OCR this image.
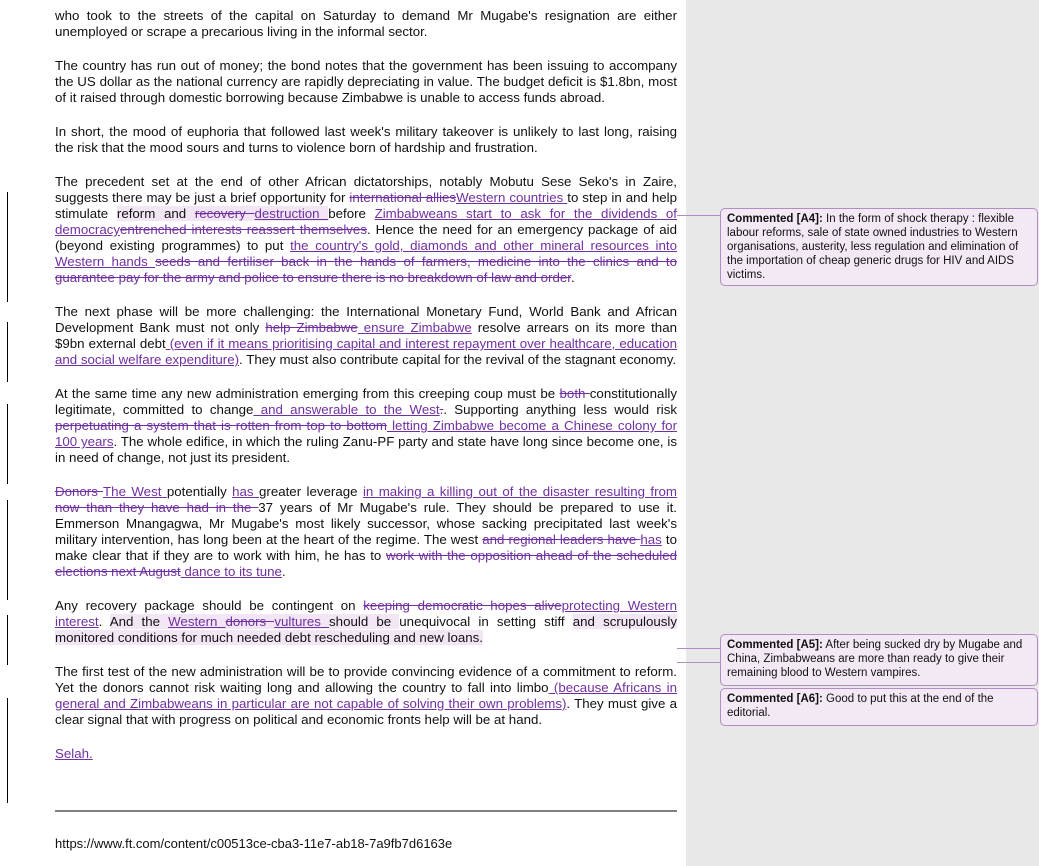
who took to the streets of the capital on Saturday to demand Mr Mugabe's resignation are either unemployed or scrape a precarious living in the informal sector.

The country has run out of money; the bond notes that the government has been issuing to accompany the US dollar as the national currency are rapidly depreciating in value. The budget deficit is $1.8bn, most of it raised through domestic borrowing because Zimbabwe is unable to access funds abroad.

In short, the mood of euphoria that followed last week's military takeover is unlikely to last long, raising the risk that the mood sours and turns to violence born of hardship and frustration.

The precedent set at the end of other African dictatorships, notably Mobutu Sese Seko's in Zaire, suggests there may be just a brief opportunity for international alliesWestern countries to step in and help stimulate reform and recovery destruction before Zimbabweans start to ask for the dividends of democracyentrenched interests reassert themselves. Hence the need for an emergency package of aid (beyond existing programmes) to put the country's gold, diamonds and other mineral resources into Western hands seeds and fertiliser back in the hands of farmers, medicine into the clinics and to guarantee pay for the army and police to ensure there is no breakdown of law and order.

The next phase will be more challenging: the International Monetary Fund, World Bank and African Development Bank must not only help Zimbabwe ensure Zimbabwe resolve arrears on its more than $9bn external debt (even if it means prioritising capital and interest repayment over healthcare, education and social welfare expenditure). They must also contribute capital for the revival of the stagnant economy.

At the same time any new administration emerging from this creeping coup must be both constitutionally legitimate, committed to change and answerable to the West.. Supporting anything less would risk perpetuating a system that is rotten from top to bottom letting Zimbabwe become a Chinese colony for 100 years. The whole edifice, in which the ruling Zanu-PF party and state have long since become one, is in need of change, not just its president.

Donors The West potentially has greater leverage in making a killing out of the disaster resulting from now than they have had in the 37 years of Mr Mugabe's rule. They should be prepared to use it. Emmerson Mnangagwa, Mr Mugabe's most likely successor, whose sacking precipitated last week's military intervention, has long been at the heart of the regime. The west and regional leaders have has to make clear that if they are to work with him, he has to work with the opposition ahead of the scheduled elections next August dance to its tune.

Any recovery package should be contingent on keeping democratic hopes aliveprotecting Western interest. And the Western donors vultures should be unequivocal in setting stiff and scrupulously monitored conditions for much needed debt rescheduling and new loans.

The first test of the new administration will be to provide convincing evidence of a commitment to reform. Yet the donors cannot risk waiting long and allowing the country to fall into limbo (because Africans in general and Zimbabweans in particular are not capable of solving their own problems). They must give a clear signal that with progress on political and economic fronts help will be at hand.

Selah.

https://www.ft.com/content/c00513ce-cba3-11e7-ab18-7a9fb7d6163e
Commented [A4]: In the form of shock therapy : flexible labour reforms, sale of state owned industries to Western organisations, austerity, less regulation and elimination of the importation of cheap generic drugs for HIV and AIDS victims.
Commented [A5]: After being sucked dry by Mugabe and China, Zimbabweans are more than ready to give their remaining blood to Western vampires.
Commented [A6]: Good to put this at the end of the editorial.
